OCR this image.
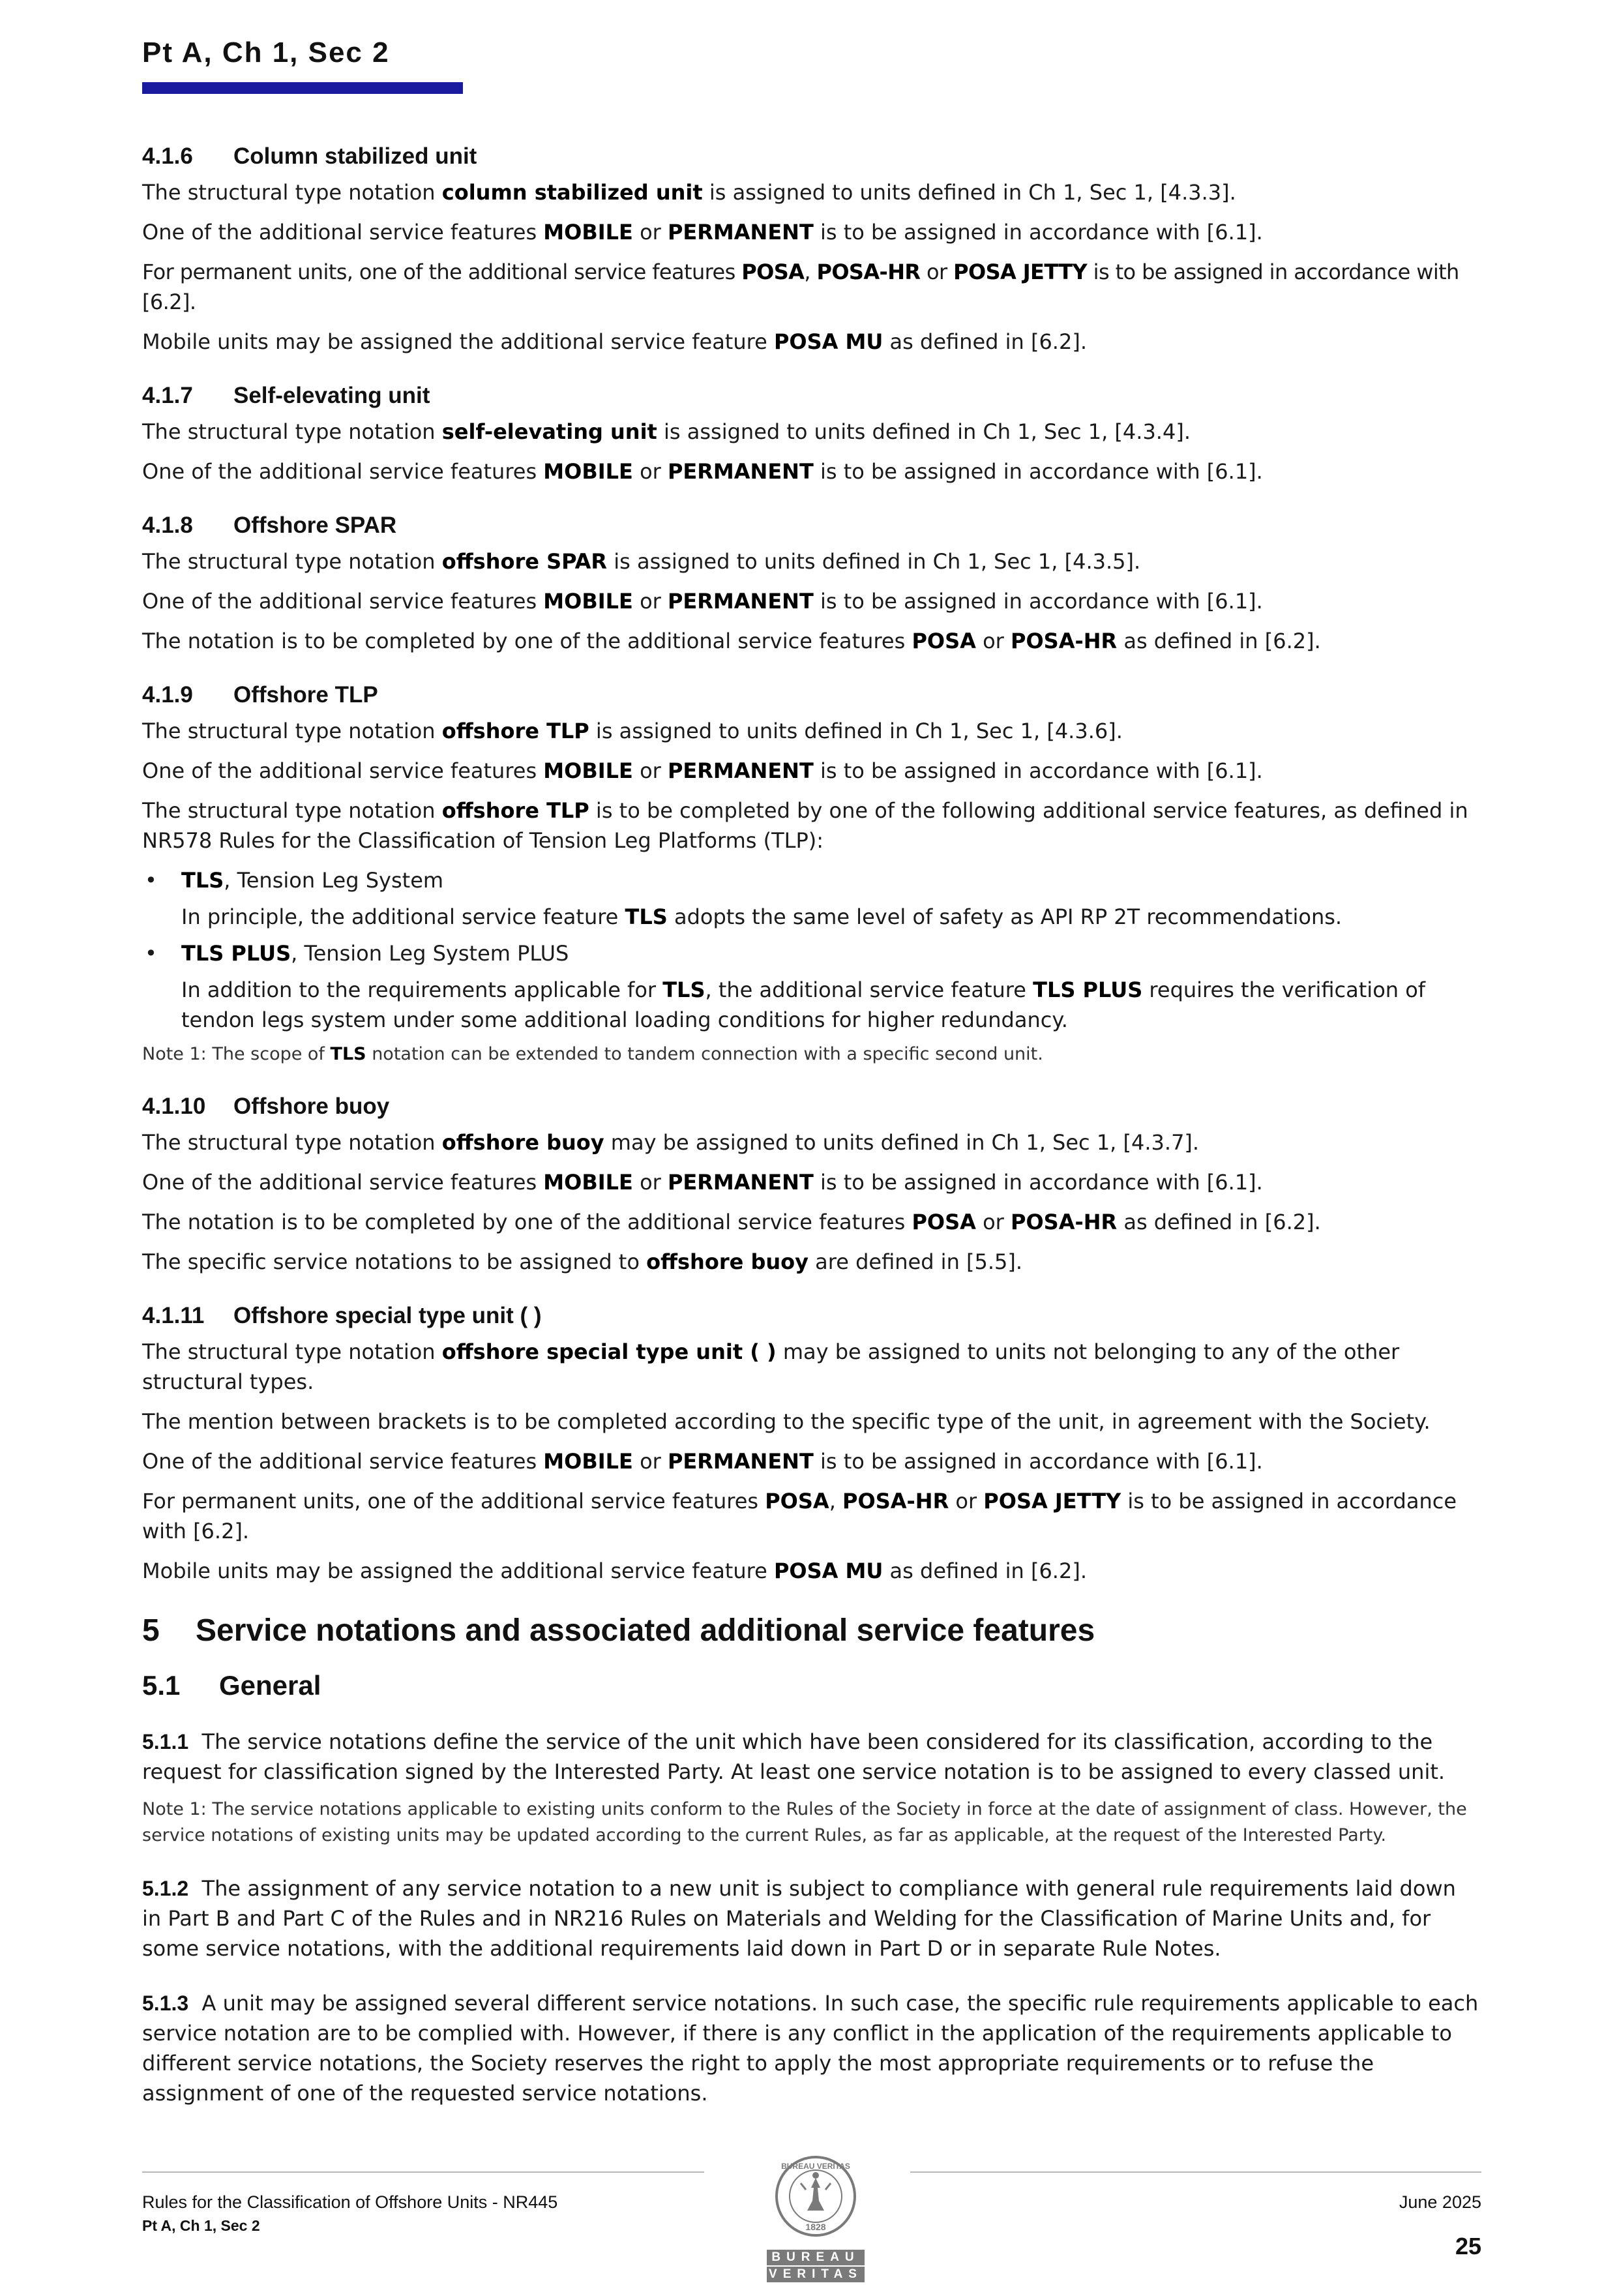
Pt A, Ch 1, Sec 2
4.1.6 Column stabilized unit

The structural type notation column stabilized unit is assigned to units defined in Ch 1, Sec 1, [4.3.3].

One of the additional service features MOBILE or PERMANENT is to be assigned in accordance with [6.1].

For permanent units, one of the additional service features POSA, POSA-HR or POSA JETTY is to be assigned in accordance with [6.2].

Mobile units may be assigned the additional service feature POSA MU as defined in [6.2].

4.1.7 Self-elevating unit

The structural type notation self-elevating unit is assigned to units defined in Ch 1, Sec 1, [4.3.4].

One of the additional service features MOBILE or PERMANENT is to be assigned in accordance with [6.1].

4.1.8 Offshore SPAR

The structural type notation offshore SPAR is assigned to units defined in Ch 1, Sec 1, [4.3.5].

One of the additional service features MOBILE or PERMANENT is to be assigned in accordance with [6.1].

The notation is to be completed by one of the additional service features POSA or POSA-HR as defined in [6.2].

4.1.9 Offshore TLP

The structural type notation offshore TLP is assigned to units defined in Ch 1, Sec 1, [4.3.6].

One of the additional service features MOBILE or PERMANENT is to be assigned in accordance with [6.1].

The structural type notation offshore TLP is to be completed by one of the following additional service features, as defined in NR578 Rules for the Classification of Tension Leg Platforms (TLP):

• TLS, Tension Leg System

In principle, the additional service feature TLS adopts the same level of safety as API RP 2T recommendations.

• TLS PLUS, Tension Leg System PLUS

In addition to the requirements applicable for TLS, the additional service feature TLS PLUS requires the verification of tendon legs system under some additional loading conditions for higher redundancy.

Note 1: The scope of TLS notation can be extended to tandem connection with a specific second unit.

4.1.10 Offshore buoy

The structural type notation offshore buoy may be assigned to units defined in Ch 1, Sec 1, [4.3.7].

One of the additional service features MOBILE or PERMANENT is to be assigned in accordance with [6.1].

The notation is to be completed by one of the additional service features POSA or POSA-HR as defined in [6.2].

The specific service notations to be assigned to offshore buoy are defined in [5.5].

4.1.11 Offshore special type unit ( )

The structural type notation offshore special type unit ( ) may be assigned to units not belonging to any of the other structural types.

The mention between brackets is to be completed according to the specific type of the unit, in agreement with the Society.

One of the additional service features MOBILE or PERMANENT is to be assigned in accordance with [6.1].

For permanent units, one of the additional service features POSA, POSA-HR or POSA JETTY is to be assigned in accordance with [6.2].

Mobile units may be assigned the additional service feature POSA MU as defined in [6.2].

5 Service notations and associated additional service features
5.1 General

5.1.1 The service notations define the service of the unit which have been considered for its classification, according to the request for classification signed by the Interested Party. At least one service notation is to be assigned to every classed unit.

Note 1: The service notations applicable to existing units conform to the Rules of the Society in force at the date of assignment of class. However, the service notations of existing units may be updated according to the current Rules, as far as applicable, at the request of the Interested Party.

5.1.2 The assignment of any service notation to a new unit is subject to compliance with general rule requirements laid down in Part B and Part C of the Rules and in NR216 Rules on Materials and Welding for the Classification of Marine Units and, for some service notations, with the additional requirements laid down in Part D or in separate Rule Notes.

5.1.3 A unit may be assigned several different service notations. In such case, the specific rule requirements applicable to each service notation are to be complied with. However, if there is any conflict in the application of the requirements applicable to different service notations, the Society reserves the right to apply the most appropriate requirements or to refuse the assignment of one of the requested service notations.

Rules for the Classification of Offshore Units - NR445
Pt A, Ch 1, Sec 2
June 2025
25
BUREAU VERITAS
1828
BUREAU
VERITAS
